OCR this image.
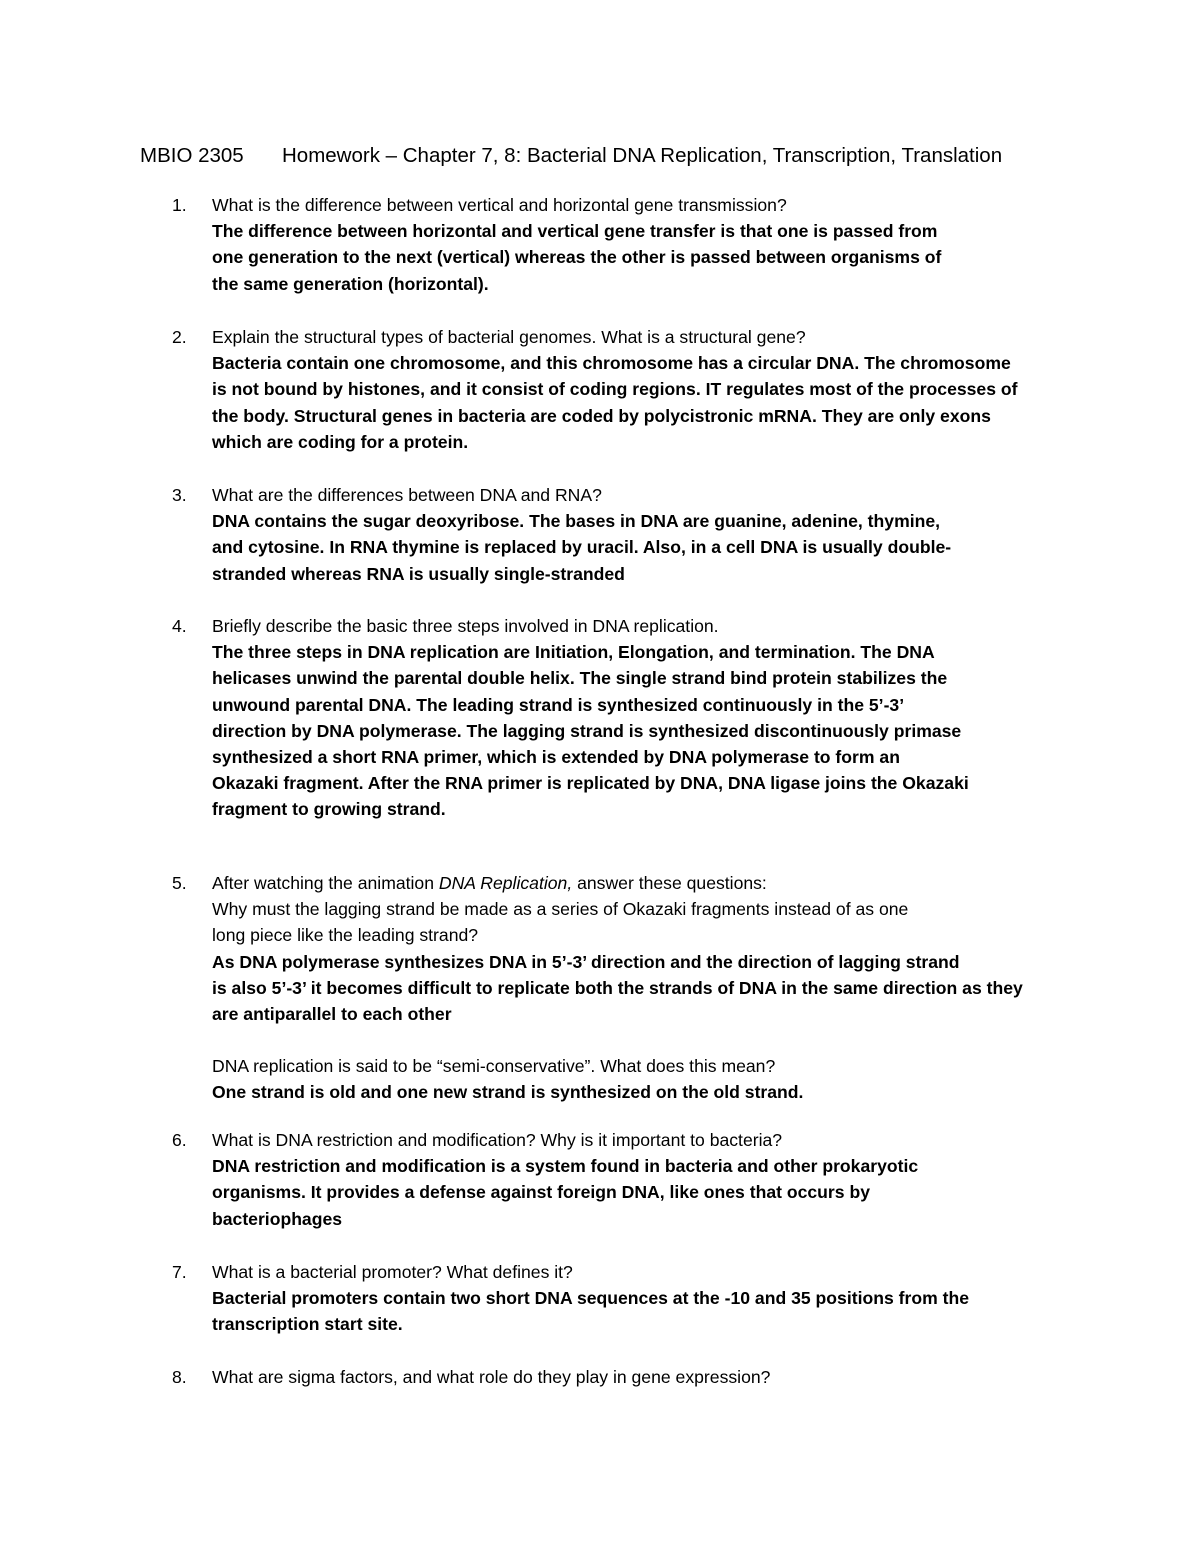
MBIO 2305 Homework – Chapter 7, 8: Bacterial DNA Replication, Transcription, Translation
1. What is the difference between vertical and horizontal gene transmission?
The difference between horizontal and vertical gene transfer is that one is passed from
one generation to the next (vertical) whereas the other is passed between organisms of
the same generation (horizontal).
2. Explain the structural types of bacterial genomes. What is a structural gene?
Bacteria contain one chromosome, and this chromosome has a circular DNA. The chromosome
is not bound by histones, and it consist of coding regions. IT regulates most of the processes of
the body. Structural genes in bacteria are coded by polycistronic mRNA. They are only exons
which are coding for a protein.
3. What are the differences between DNA and RNA?
DNA contains the sugar deoxyribose. The bases in DNA are guanine, adenine, thymine,
and cytosine. In RNA thymine is replaced by uracil. Also, in a cell DNA is usually double-
stranded whereas RNA is usually single-stranded
4. Briefly describe the basic three steps involved in DNA replication.
The three steps in DNA replication are Initiation, Elongation, and termination. The DNA
helicases unwind the parental double helix. The single strand bind protein stabilizes the
unwound parental DNA. The leading strand is synthesized continuously in the 5’-3’
direction by DNA polymerase. The lagging strand is synthesized discontinuously primase
synthesized a short RNA primer, which is extended by DNA polymerase to form an
Okazaki fragment. After the RNA primer is replicated by DNA, DNA ligase joins the Okazaki
fragment to growing strand.
5. After watching the animation DNA Replication, answer these questions:
Why must the lagging strand be made as a series of Okazaki fragments instead of as one
long piece like the leading strand?
As DNA polymerase synthesizes DNA in 5’-3’ direction and the direction of lagging strand
is also 5’-3’ it becomes difficult to replicate both the strands of DNA in the same direction as they
are antiparallel to each other
DNA replication is said to be “semi-conservative”. What does this mean?
One strand is old and one new strand is synthesized on the old strand.
6. What is DNA restriction and modification? Why is it important to bacteria?
DNA restriction and modification is a system found in bacteria and other prokaryotic
organisms. It provides a defense against foreign DNA, like ones that occurs by
bacteriophages
7. What is a bacterial promoter? What defines it?
Bacterial promoters contain two short DNA sequences at the -10 and 35 positions from the
transcription start site.
8. What are sigma factors, and what role do they play in gene expression?
